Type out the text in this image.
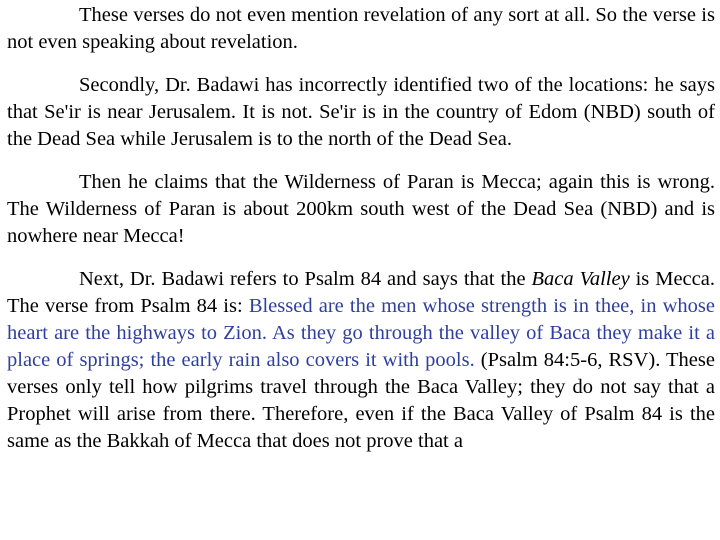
These verses do not even mention revelation of any sort at all. So the verse is not even speaking about revelation.

Secondly, Dr. Badawi has incorrectly identified two of the locations: he says that Se'ir is near Jerusalem. It is not. Se'ir is in the country of Edom (NBD) south of the Dead Sea while Jerusalem is to the north of the Dead Sea.

Then he claims that the Wilderness of Paran is Mecca; again this is wrong. The Wilderness of Paran is about 200km south west of the Dead Sea (NBD) and is nowhere near Mecca!

Next, Dr. Badawi refers to Psalm 84 and says that the Baca Valley is Mecca. The verse from Psalm 84 is: Blessed are the men whose strength is in thee, in whose heart are the highways to Zion. As they go through the valley of Baca they make it a place of springs; the early rain also covers it with pools. (Psalm 84:5-6, RSV). These verses only tell how pilgrims travel through the Baca Valley; they do not say that a Prophet will arise from there. Therefore, even if the Baca Valley of Psalm 84 is the same as the Bakkah of Mecca that does not prove that a
